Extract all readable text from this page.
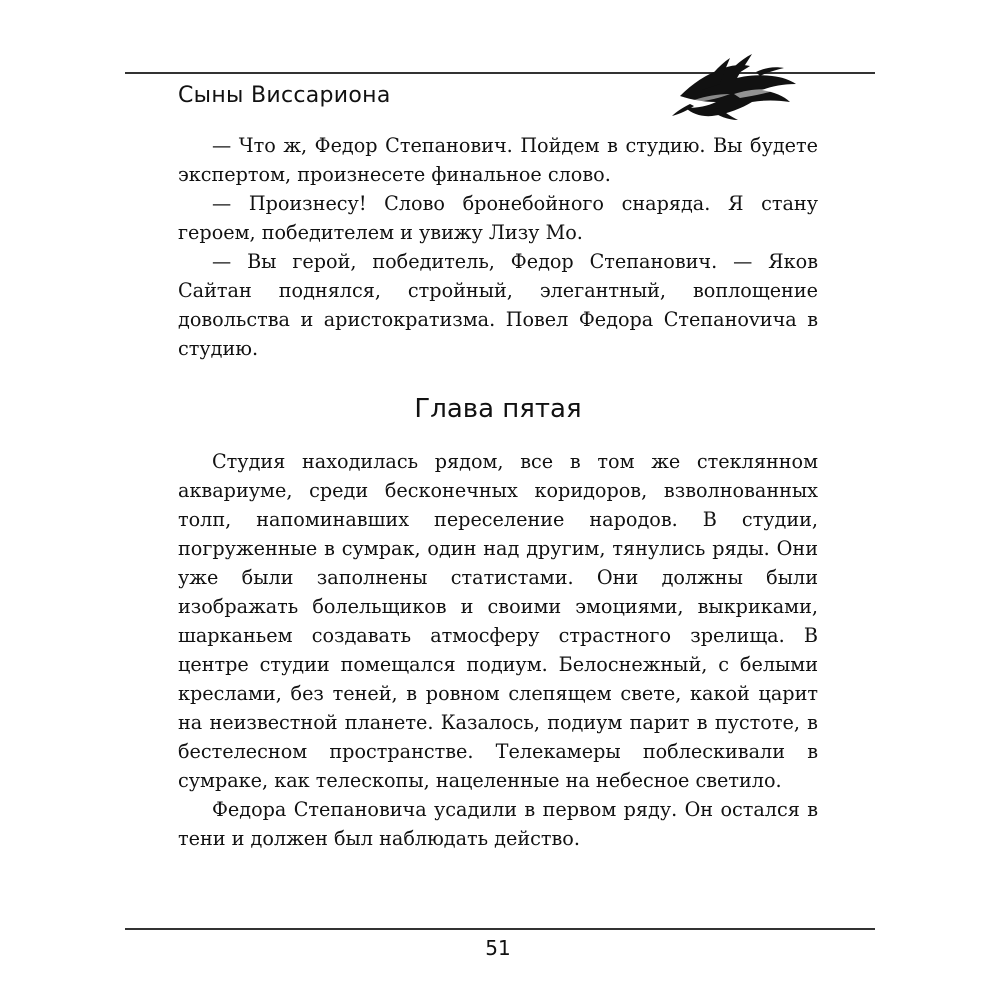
Сыны Виссариона

— Что ж, Федор Степанович. Пойдем в студию. Вы будете экспертом, произнесете финальное слово.

— Произнесу! Слово бронебойного снаряда. Я стану героем, победителем и увижу Лизу Мо.

— Вы герой, победитель, Федор Степанович. — Яков Сайтан поднялся, стройный, элегантный, воплощение довольства и аристократизма. Повел Федора Степаноvича в студию.

Глава пятая

Студия находилась рядом, все в том же стеклянном аквариуме, среди бесконечных коридоров, взволнованных толп, напоминавших переселение народов. В студии, погруженные в сумрак, один над другим, тянулись ряды. Они уже были заполнены статистами. Они должны были изображать болельщиков и своими эмоциями, выкриками, шарканьем создавать атмосферу страстного зрелища. В центре студии помещался подиум. Белоснежный, с белыми креслами, без теней, в ровном слепящем свете, какой царит на неизвестной планете. Казалось, подиум парит в пустоте, в бестелесном пространстве. Телекамеры поблескивали в сумраке, как телескопы, нацеленные на небесное светило.

Федора Степановича усадили в первом ряду. Он остался в тени и должен был наблюдать действо.

51
